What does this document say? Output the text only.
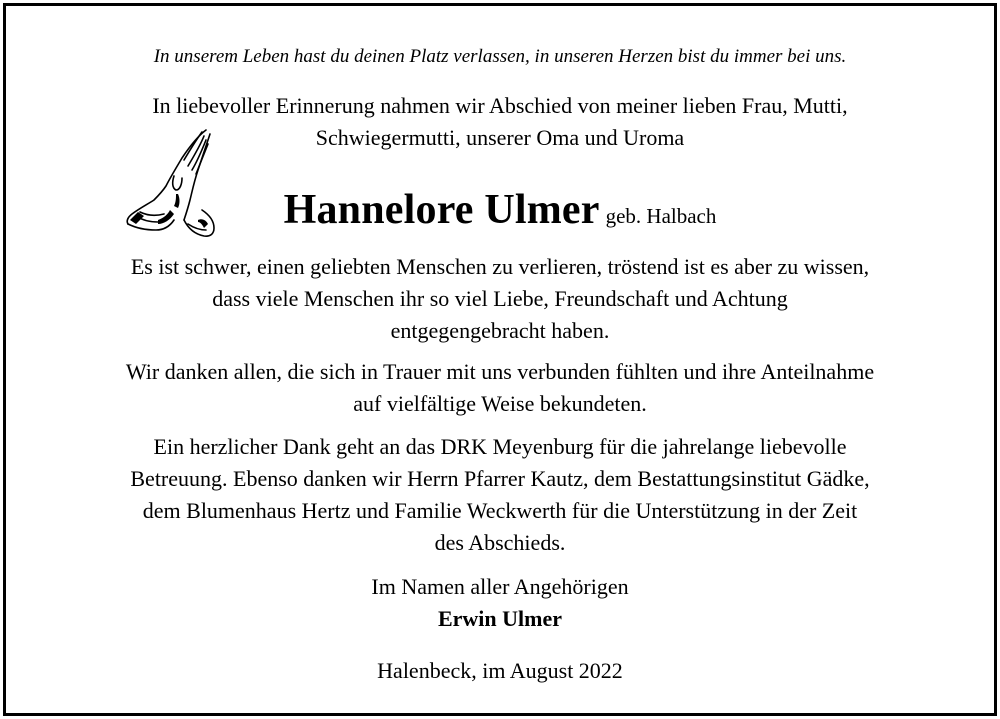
In unserem Leben hast du deinen Platz verlassen, in unseren Herzen bist du immer bei uns.
In liebevoller Erinnerung nahmen wir Abschied von meiner lieben Frau, Mutti,
Schwiegermutti, unserer Oma und Uroma
Hannelore Ulmer geb. Halbach
Es ist schwer, einen geliebten Menschen zu verlieren, tröstend ist es aber zu wissen,
dass viele Menschen ihr so viel Liebe, Freundschaft und Achtung
entgegengebracht haben.
Wir danken allen, die sich in Trauer mit uns verbunden fühlten und ihre Anteilnahme
auf vielfältige Weise bekundeten.
Ein herzlicher Dank geht an das DRK Meyenburg für die jahrelange liebevolle
Betreuung. Ebenso danken wir Herrn Pfarrer Kautz, dem Bestattungsinstitut Gädke,
dem Blumenhaus Hertz und Familie Weckwerth für die Unterstützung in der Zeit
des Abschieds.
Im Namen aller Angehörigen
Erwin Ulmer
Halenbeck, im August 2022
